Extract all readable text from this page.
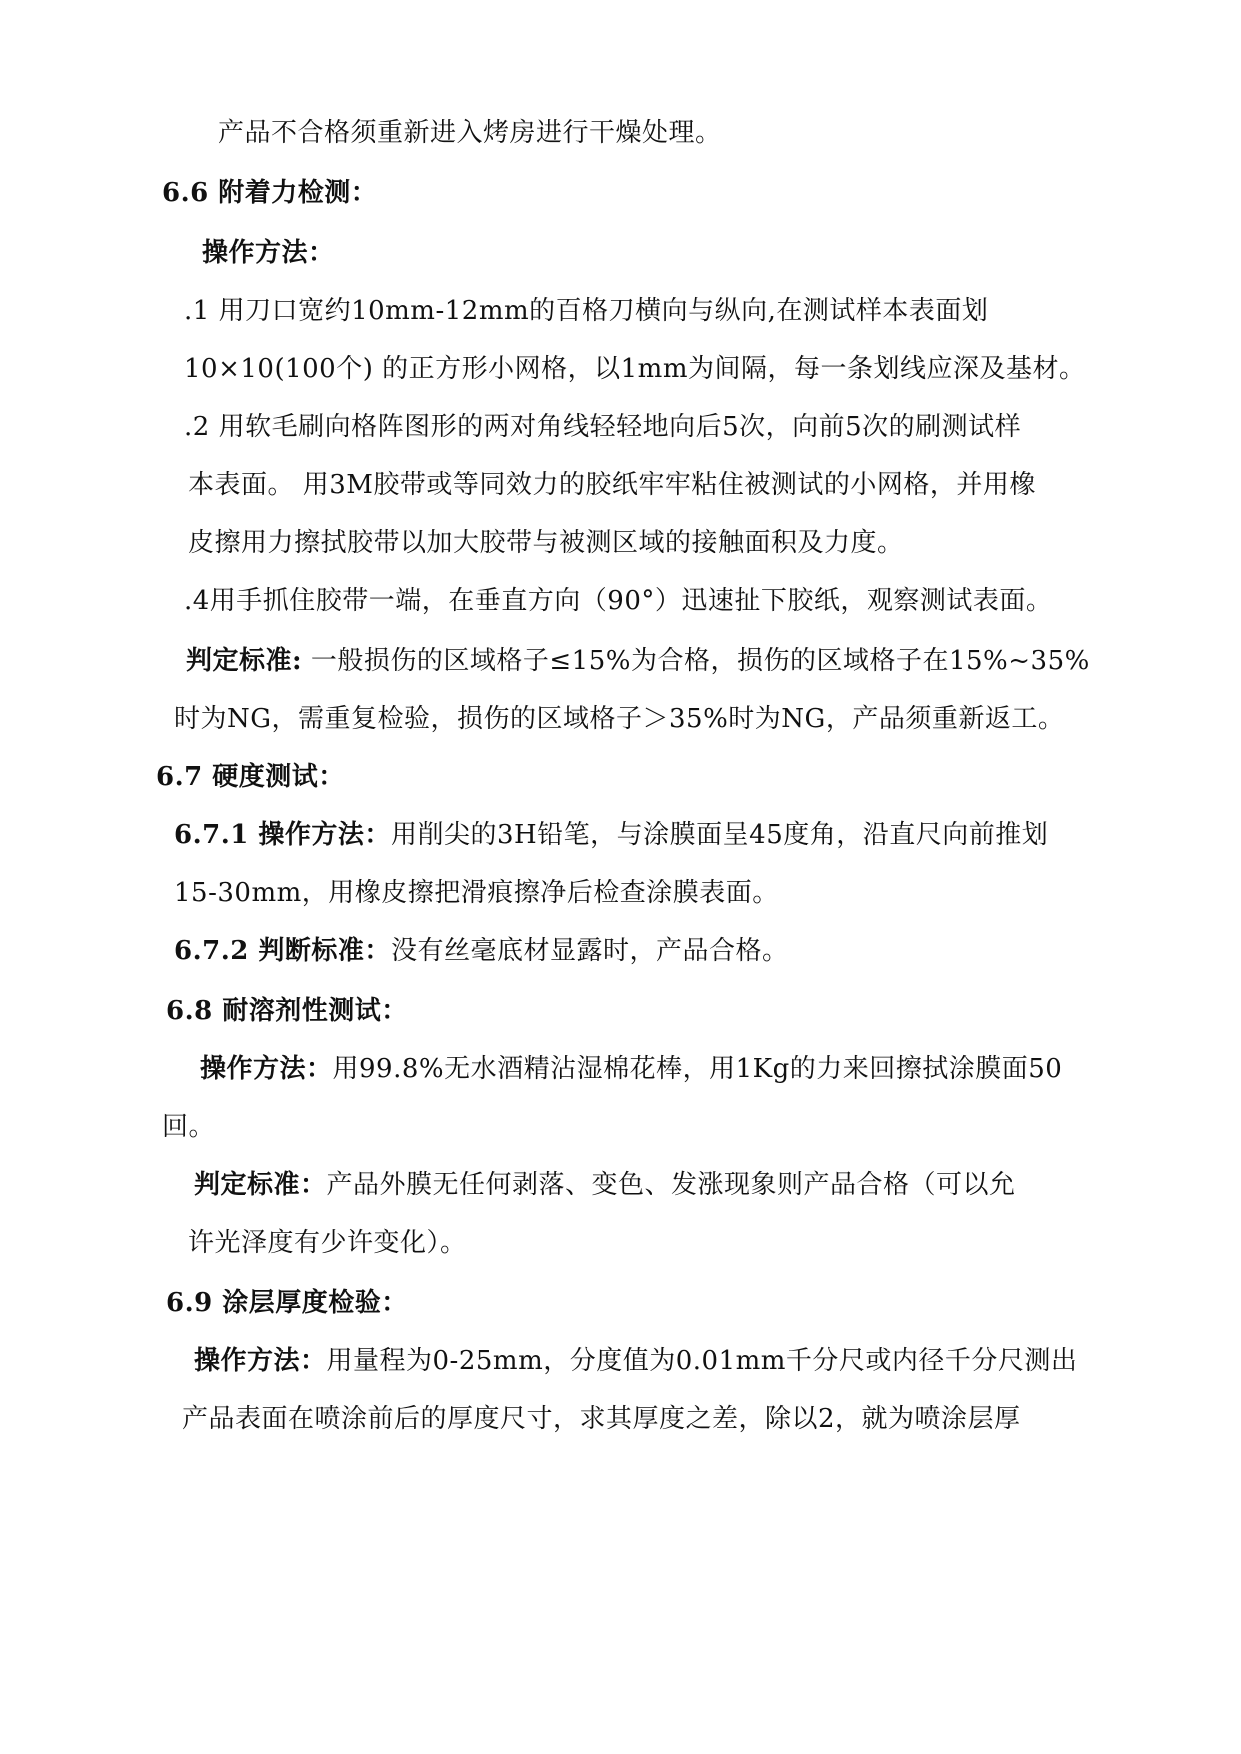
产品不合格须重新进入烤房进行干燥处理。
6.6 附着力检测：
操作方法：
.1 用刀口宽约10mm-12mm的百格刀横向与纵向,在测试样本表面划
10×10(100个) 的正方形小网格，以1mm为间隔，每一条划线应深及基材。
.2 用软毛刷向格阵图形的两对角线轻轻地向后5次，向前5次的刷测试样
本表面。 用3M胶带或等同效力的胶纸牢牢粘住被测试的小网格，并用橡
皮擦用力擦拭胶带以加大胶带与被测区域的接触面积及力度。
.4用手抓住胶带一端，在垂直方向（90°）迅速扯下胶纸，观察测试表面。
判定标准: 一般损伤的区域格子≤15%为合格，损伤的区域格子在15%~35%
时为NG，需重复检验，损伤的区域格子＞35%时为NG，产品须重新返工。
6.7 硬度测试：
6.7.1 操作方法：用削尖的3H铅笔，与涂膜面呈45度角，沿直尺向前推划
15-30mm，用橡皮擦把滑痕擦净后检查涂膜表面。
6.7.2 判断标准：没有丝毫底材显露时，产品合格。
6.8 耐溶剂性测试：
操作方法：用99.8%无水酒精沾湿棉花棒，用1Kg的力来回擦拭涂膜面50
回。
判定标准：产品外膜无任何剥落、变色、发涨现象则产品合格（可以允
许光泽度有少许变化）。
6.9 涂层厚度检验：
操作方法：用量程为0-25mm，分度值为0.01mm千分尺或内径千分尺测出
产品表面在喷涂前后的厚度尺寸，求其厚度之差，除以2，就为喷涂层厚
